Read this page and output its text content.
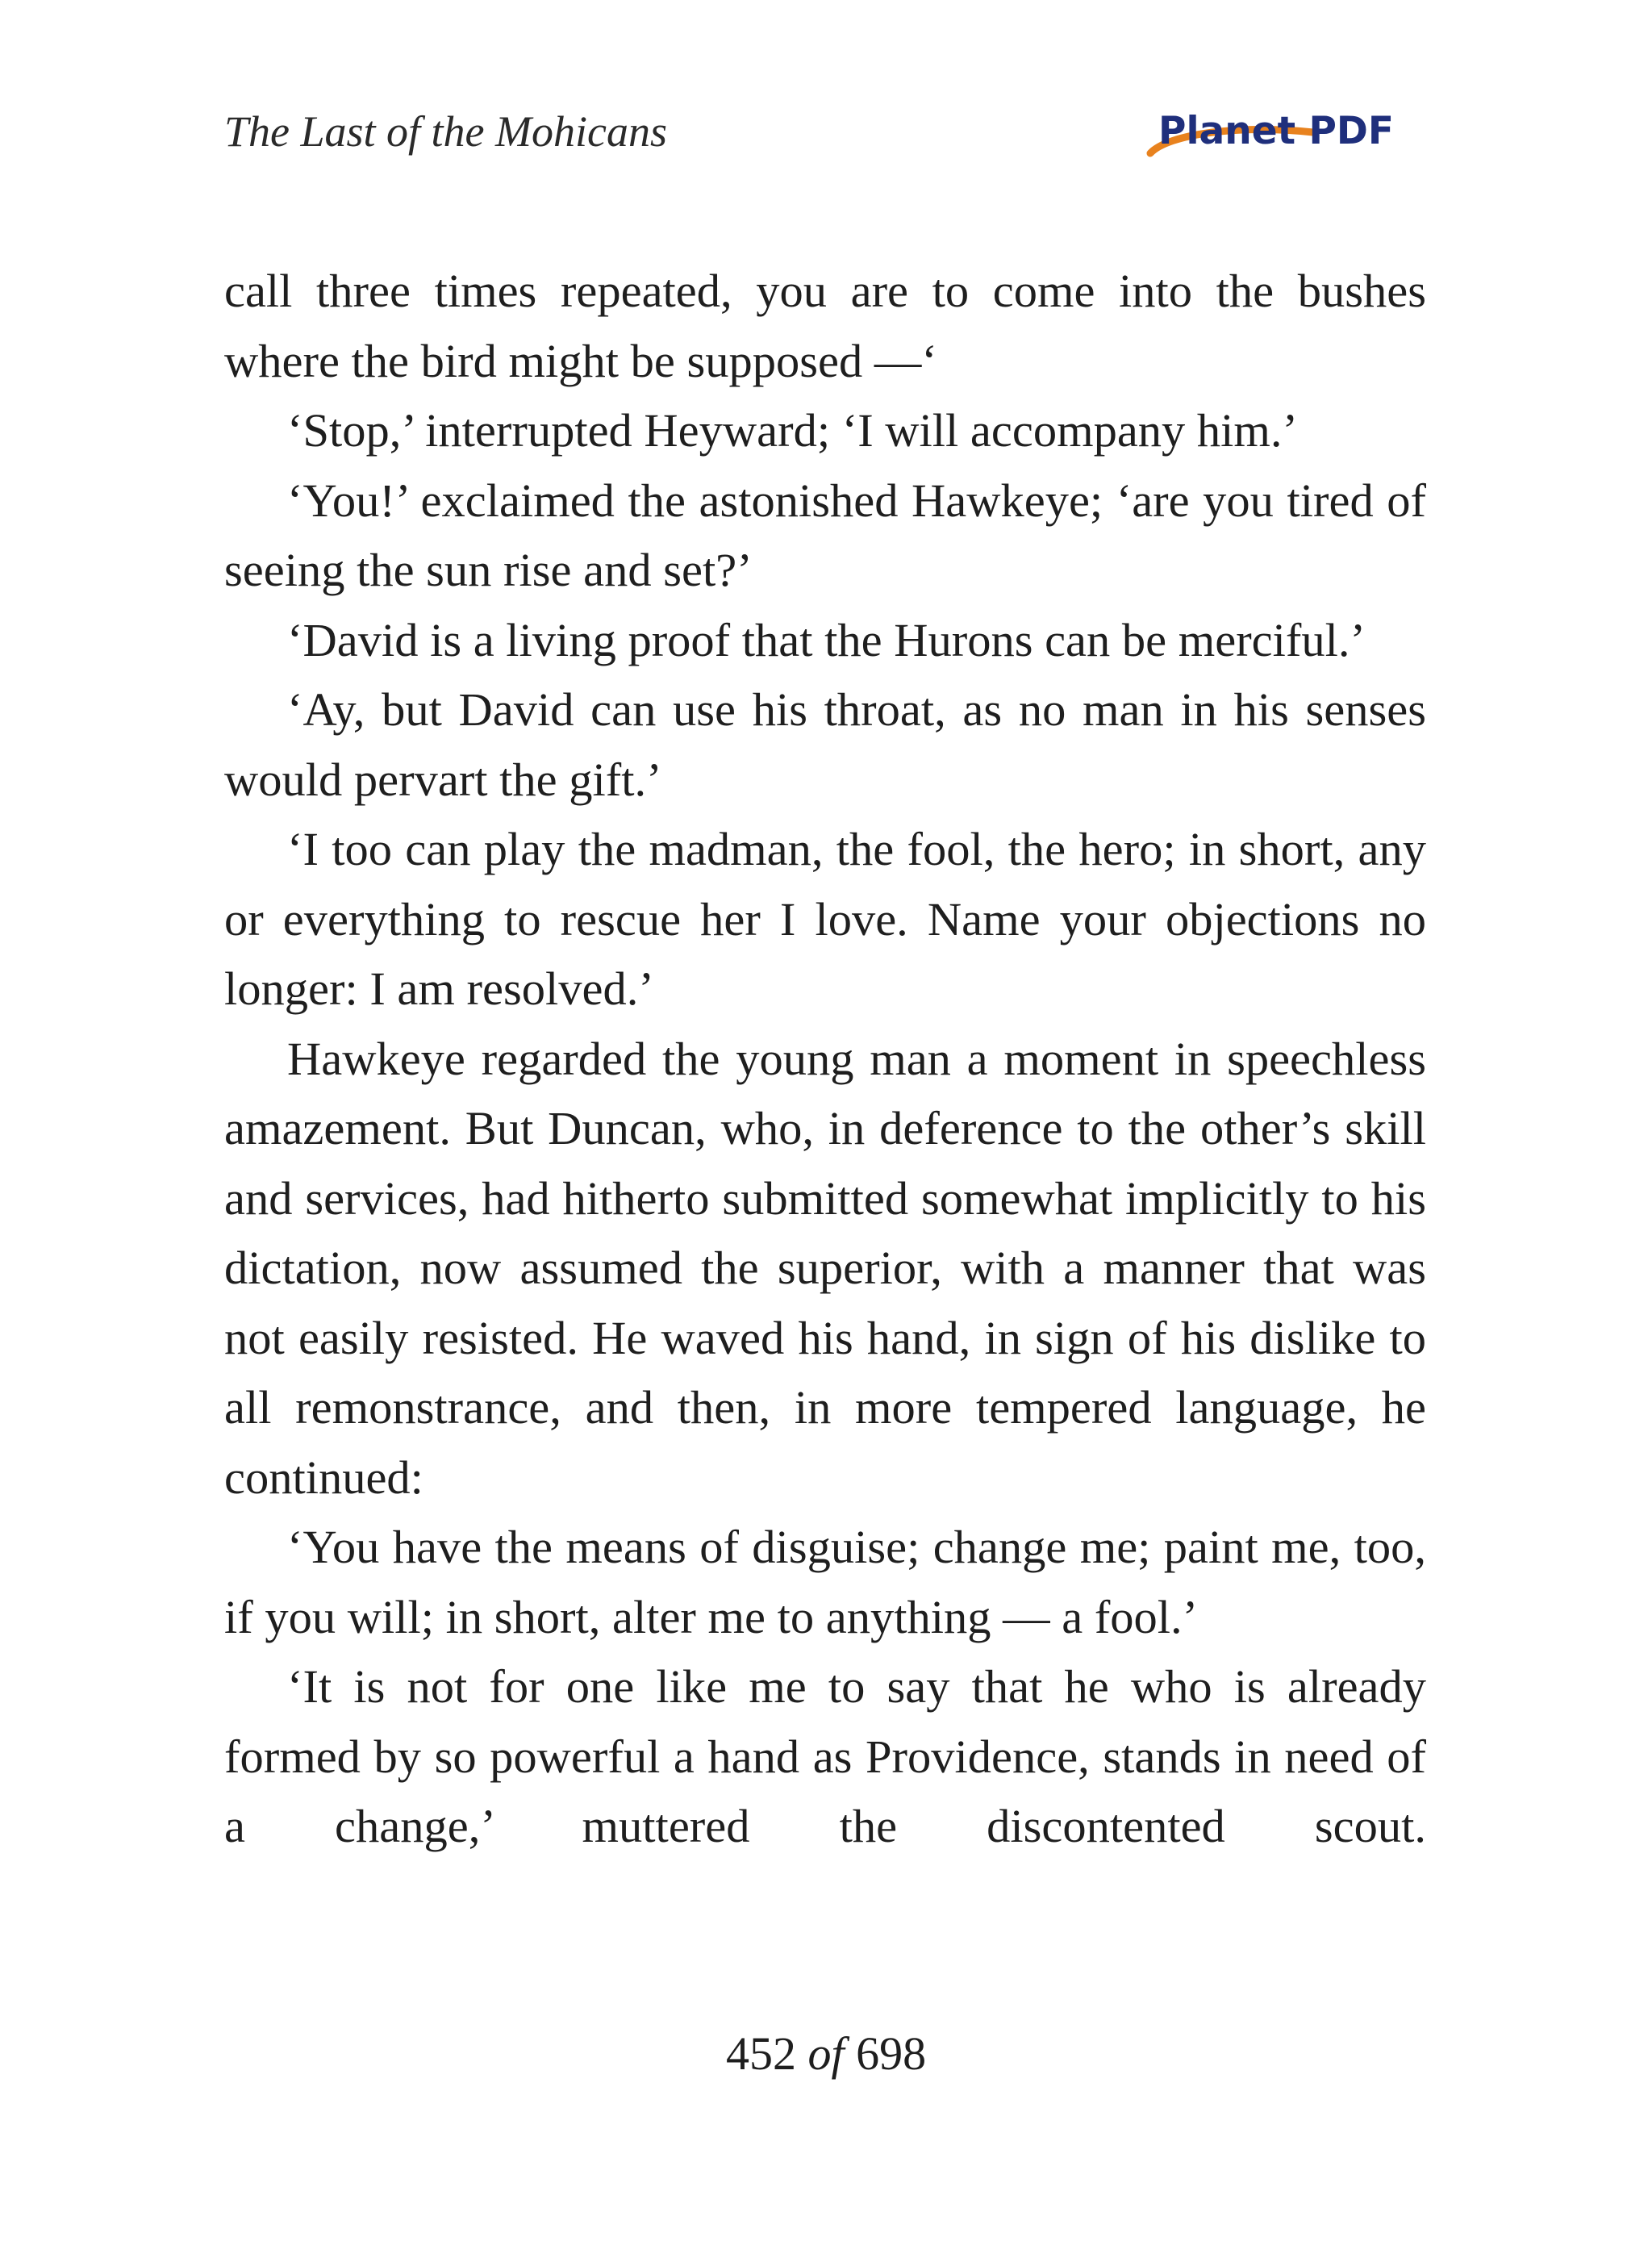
The Last of the Mohicans	Planet PDF

call three times repeated, you are to come into the bushes where the bird might be supposed —‘

‘Stop,’ interrupted Heyward; ‘I will accompany him.’

‘You!’ exclaimed the astonished Hawkeye; ‘are you tired of seeing the sun rise and set?’

‘David is a living proof that the Hurons can be merciful.’

‘Ay, but David can use his throat, as no man in his senses would pervart the gift.’

‘I too can play the madman, the fool, the hero; in short, any or everything to rescue her I love. Name your objections no longer: I am resolved.’

Hawkeye regarded the young man a moment in speechless amazement. But Duncan, who, in deference to the other’s skill and services, had hitherto submitted somewhat implicitly to his dictation, now assumed the superior, with a manner that was not easily resisted. He waved his hand, in sign of his dislike to all remonstrance, and then, in more tempered language, he continued:

‘You have the means of disguise; change me; paint me, too, if you will; in short, alter me to anything — a fool.’

‘It is not for one like me to say that he who is already formed by so powerful a hand as Providence, stands in need of a change,’ muttered the discontented scout.

452 of 698
